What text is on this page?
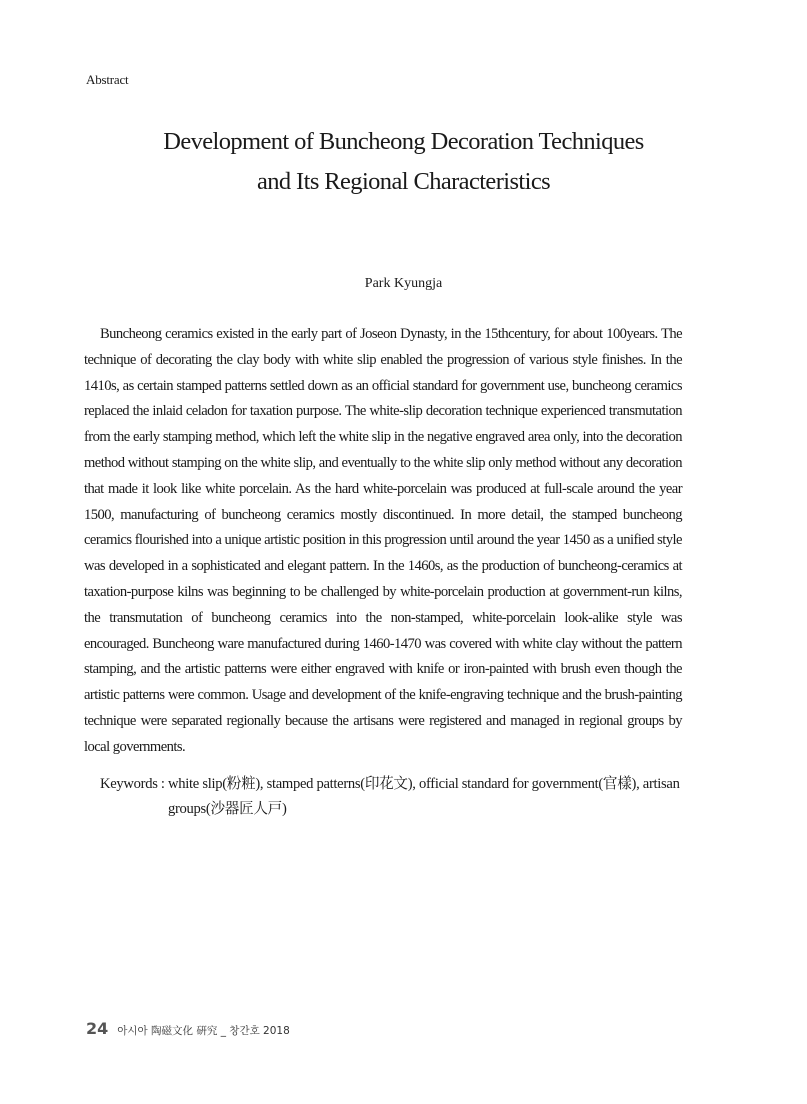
Abstract
Development of Buncheong Decoration Techniques
and Its Regional Characteristics
Park Kyungja

Buncheong ceramics existed in the early part of Joseon Dynasty, in the 15thcentury, for about 100years. The technique of decorating the clay body with white slip enabled the progression of various style finishes. In the 1410s, as certain stamped patterns settled down as an official standard for government use, buncheong ceramics replaced the inlaid celadon for taxation purpose. The white-slip decoration technique experienced transmutation from the early stamping method, which left the white slip in the negative engraved area only, into the decoration method without stamping on the white slip, and eventually to the white slip only method without any decoration that made it look like white porcelain. As the hard white-porcelain was produced at full-scale around the year 1500, manufacturing of buncheong ceramics mostly discontinued. In more detail, the stamped buncheong ceramics flourished into a unique artistic position in this progression until around the year 1450 as a unified style was developed in a sophisticated and elegant pattern. In the 1460s, as the production of buncheong-ceramics at taxation-purpose kilns was beginning to be challenged by white-porcelain production at government-run kilns, the transmutation of buncheong ceramics into the non-stamped, white-porcelain look-alike style was encouraged. Buncheong ware manufactured during 1460-1470 was covered with white clay without the pattern stamping, and the artistic patterns were either engraved with knife or iron-painted with brush even though the artistic patterns were common. Usage and development of the knife-engraving technique and the brush-painting technique were separated regionally because the artisans were registered and managed in regional groups by local governments.

Keywords : white slip(粉粧), stamped patterns(印花文), official standard for government(官樣), artisan
groups(沙器匠人戸)

24 아시아 陶磁文化 硏究 _ 창간호 2018
